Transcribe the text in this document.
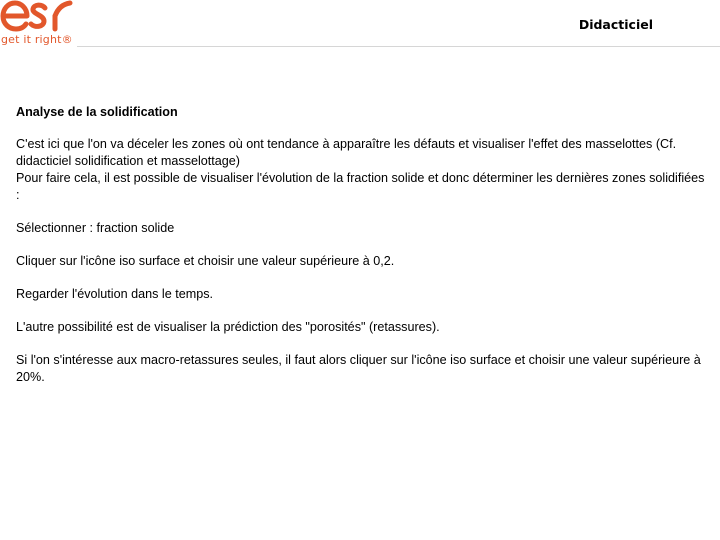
get it right®
Didacticiel
Analyse de la solidification
C'est ici que l'on va déceler les zones où ont tendance à apparaître les défauts et visualiser l'effet des masselottes (Cf. didacticiel solidification et masselottage)
Pour faire cela, il est possible de visualiser l'évolution de la fraction solide et donc déterminer les dernières zones solidifiées :
Sélectionner : fraction solide
Cliquer sur l'icône iso surface et choisir une valeur supérieure à 0,2.
Regarder l'évolution dans le temps.
L'autre possibilité est de visualiser la prédiction des "porosités" (retassures).
Si l'on s'intéresse aux macro-retassures seules, il faut alors cliquer sur l'icône iso surface et choisir une valeur supérieure à 20%.
